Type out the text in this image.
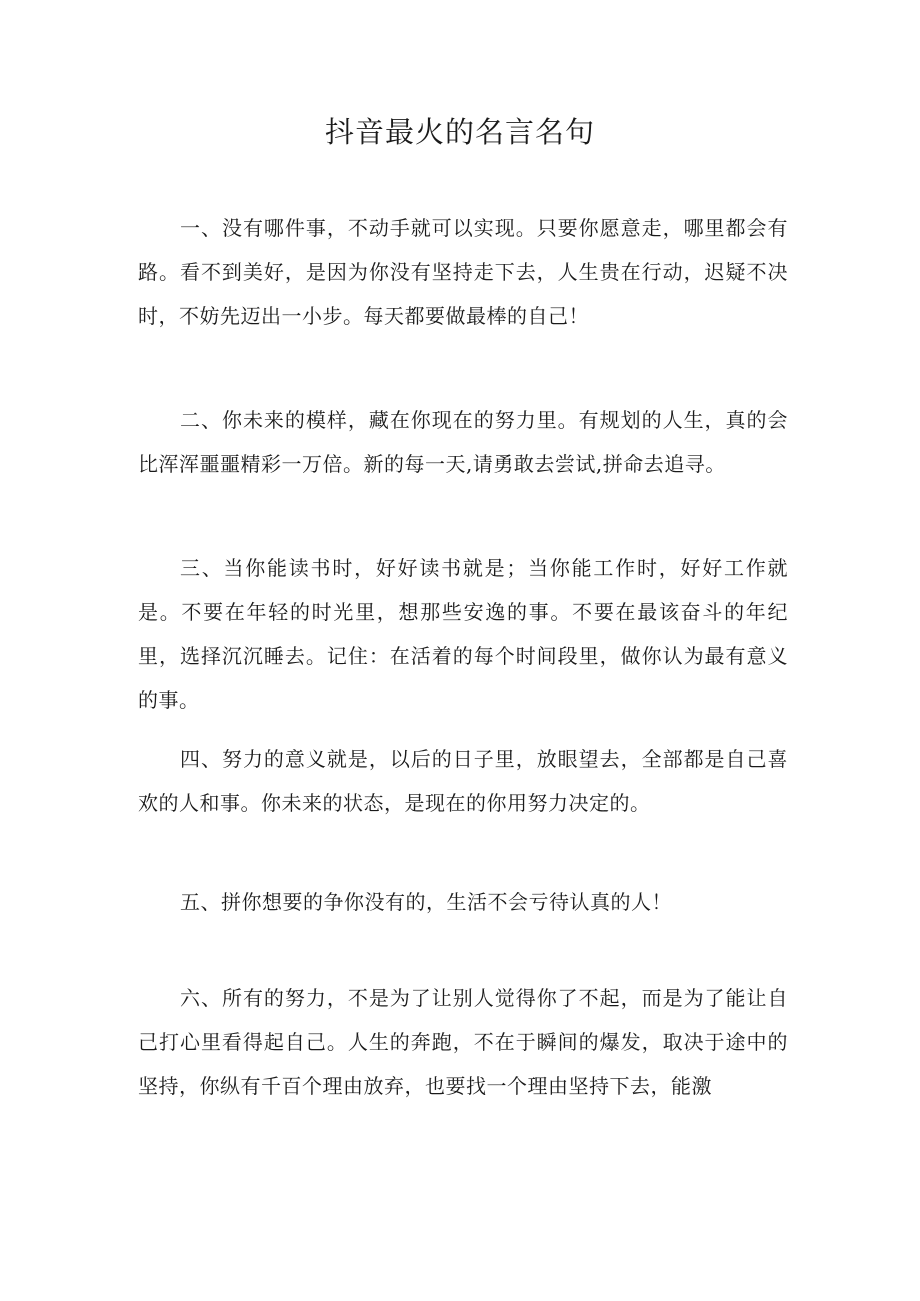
抖音最火的名言名句

一、没有哪件事，不动手就可以实现。只要你愿意走，哪里都会有路。看不到美好，是因为你没有坚持走下去，人生贵在行动，迟疑不决时，不妨先迈出一小步。每天都要做最棒的自己！

二、你未来的模样，藏在你现在的努力里。有规划的人生，真的会比浑浑噩噩精彩一万倍。新的每一天,请勇敢去尝试,拼命去追寻。

三、当你能读书时，好好读书就是；当你能工作时，好好工作就是。不要在年轻的时光里，想那些安逸的事。不要在最该奋斗的年纪里，选择沉沉睡去。记住：在活着的每个时间段里，做你认为最有意义的事。

四、努力的意义就是，以后的日子里，放眼望去，全部都是自己喜欢的人和事。你未来的状态，是现在的你用努力决定的。

五、拼你想要的争你没有的，生活不会亏待认真的人！

六、所有的努力，不是为了让别人觉得你了不起，而是为了能让自己打心里看得起自己。人生的奔跑，不在于瞬间的爆发，取决于途中的坚持，你纵有千百个理由放弃，也要找一个理由坚持下去，能激
